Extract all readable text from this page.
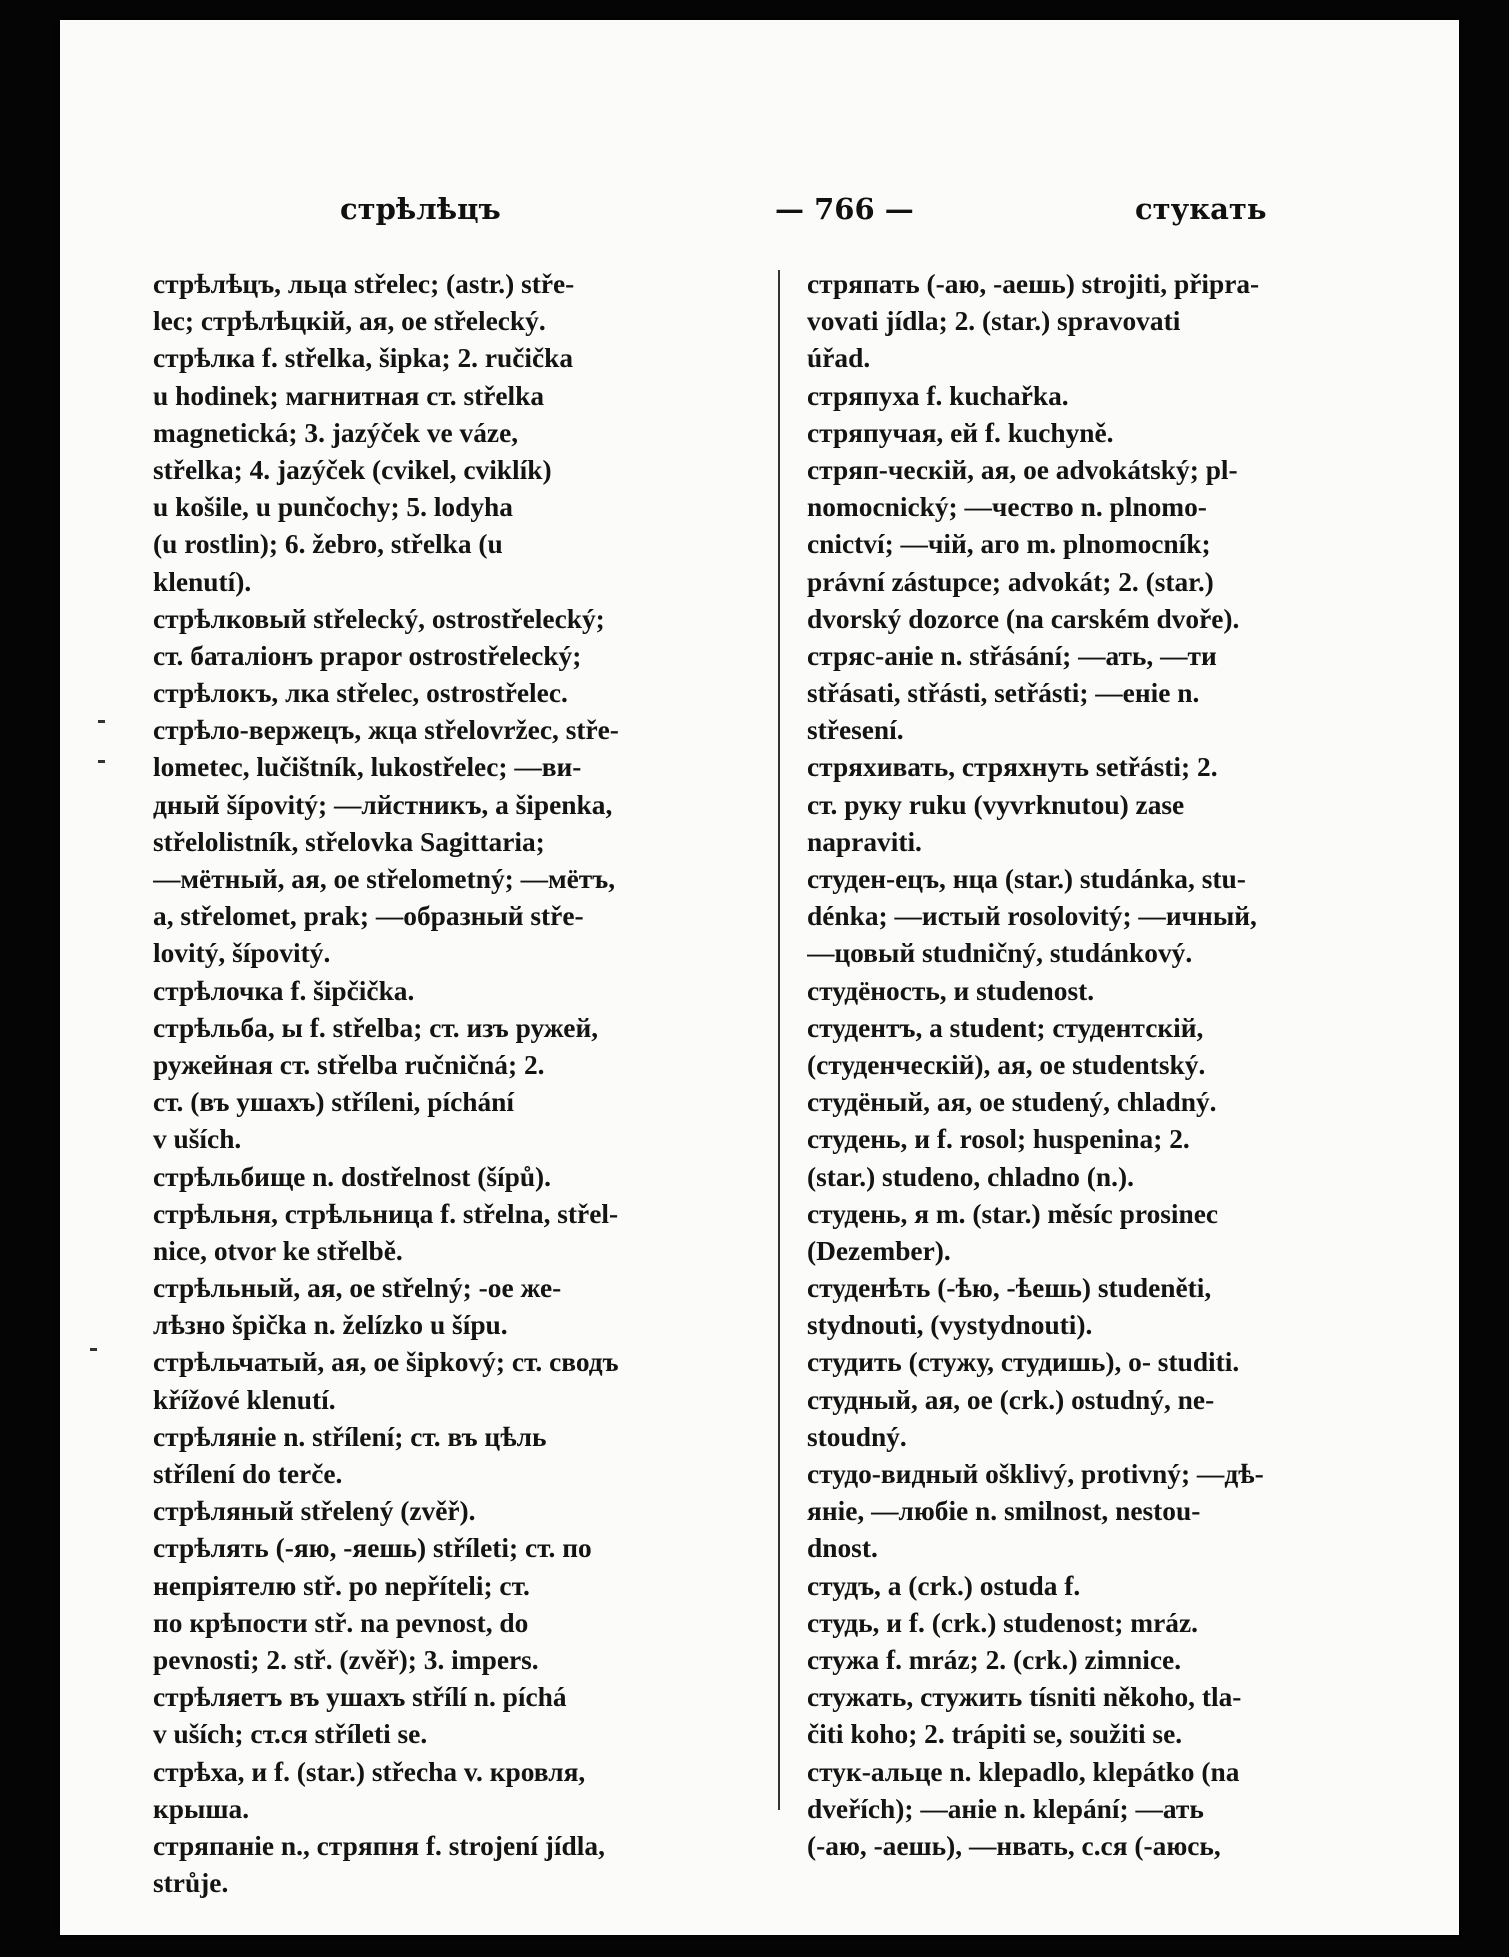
стрѣлѣцъ	— 766 —	стукать
стрѣлѣцъ, льца střelec; (astr.) stře-
lec; стрѣлѣцкій, ая, ое střelecký.
стрѣлка f. střelka, šipka; 2. ručička
u hodinek; магнитная ст. střelka
magnetická; 3. jazýček ve váze,
střelka; 4. jazýček (cvikel, cviklík)
u košile, u punčochy; 5. lodyha
(u rostlin); 6. žebro, střelka (u
klenutí).
стрѣлковый střelecký, ostrostřelecký;
ст. баталіонъ prapor ostrostřelecký;
стрѣлокъ, лка střelec, ostrostřelec.
стрѣло-вержецъ, жца střelovržec, stře-
lometec, lučištník, lukostřelec; —ви-
дный šípovitý; —лйстникъ, а šipenka,
střelolistník, střelovka Sagittaria;
—мётный, ая, ое střelometný; —мётъ,
а, střelomet, prak; —образный stře-
lovitý, šípovitý.
стрѣлочка f. šipčička.
стрѣльба, ы f. střelba; ст. изъ ружей,
ружейная ст. střelba ručničná; 2.
ст. (въ ушахъ) stříleni, píchání
v uších.
стрѣльбище n. dostřelnost (šípů).
стрѣльня, стрѣльница f. střelna, střel-
nice, otvor ke střelbě.
стрѣльный, ая, ое střelný; -ое же-
лѣзно špička n. želízko u šípu.
стрѣльчатый, ая, ое šipkový; ст. сводъ
křížové klenutí.
стрѣляніе n. střílení; ст. въ цѣль
střílení do terče.
стрѣляный střelený (zvěř).
стрѣлять (-яю, -яешь) stříleti; ст. по
непріятелю stř. po nepříteli; ст.
по крѣпости stř. na pevnost, do
pevnosti; 2. stř. (zvěř); 3. impers.
стрѣляетъ въ ушахъ střílí n. píchá
v uších; ст.ся stříleti se.
стрѣха, и f. (star.) střecha v. кровля,
крыша.
стряпаніе n., стряпня f. strojení jídla,
strůje.
стряпать (-аю, -аешь) strojiti, připra-
vovati jídla; 2. (star.) spravovati
úřad.
стряпуха f. kuchařka.
стряпучая, ей f. kuchyně.
стряп-ческій, ая, ое advokátský; pl-
nomocnický; —чество n. plnomo-
cnictví; —чій, аго m. plnomocník;
právní zástupce; advokát; 2. (star.)
dvorský dozorce (na carském dvoře).
стряс-аніе n. střásání; —ать, —ти
střásati, střásti, setřásti; —еніе n.
střesení.
стряхивать, стряхнуть setřásti; 2.
ст. руку ruku (vyvrknutou) zase
napraviti.
студен-ецъ, нца (star.) studánka, stu-
dénka; —истый rosolovitý; —ичный,
—цовый studničný, studánkový.
студёность, и studenost.
студентъ, а student; студентскій,
(студенческій), ая, ое studentský.
студёный, ая, ое studený, chladný.
студень, и f. rosol; huspenina; 2.
(star.) studeno, chladno (n.).
студень, я m. (star.) měsíc prosinec
(Dezember).
студенѣть (-ѣю, -ѣешь) studeněti,
stydnouti, (vystydnouti).
студить (стужу, студишь), о- studiti.
студный, ая, ое (crk.) ostudný, ne-
stoudný.
студо-видный ošklivý, protivný; —дѣ-
яніе, —любіе n. smilnost, nestou-
dnost.
студъ, а (crk.) ostuda f.
студь, и f. (crk.) studenost; mráz.
стужа f. mráz; 2. (crk.) zimnice.
стужать, стужить tísniti někoho, tla-
čiti koho; 2. trápiti se, soužiti se.
стук-альце n. klepadlo, klepátko (na
dveřích); —аніе n. klepání; —ать
(-аю, -аешь), —нвать, с.ся (-аюсь,
